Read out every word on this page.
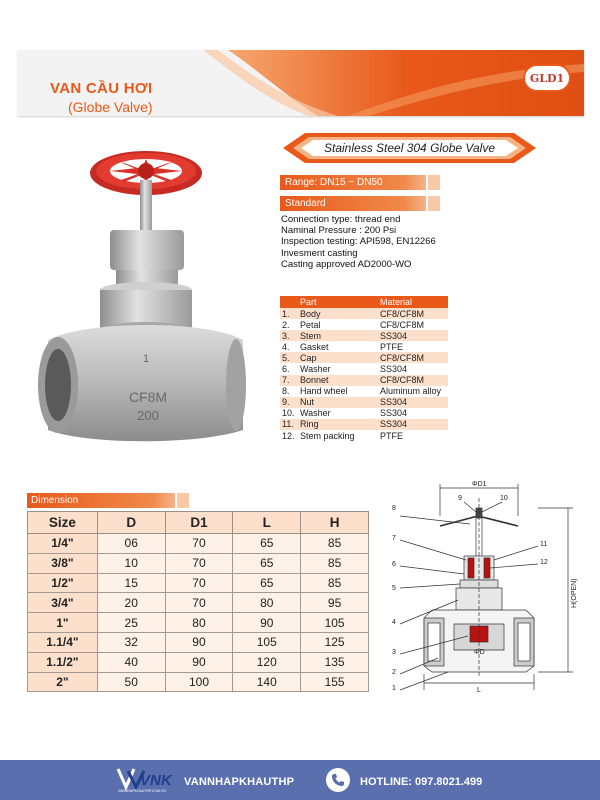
VAN CẦU HƠI
(Globe Valve)
GLD1
Stainless Steel 304 Globe Valve
1
CF8M
200
Range: DN15 ~ DN50
Standard
Connection type: thread end
Naminal Pressure : 200 Psi
Inspection testing: API598, EN12266
Invesment casting
Casting approved AD2000-WO
Part		Material
1.	Body	CF8/CF8M
2.	Petal	CF8/CF8M
3.	Stem	SS304
4.	Gasket	PTFE
5.	Cap	CF8/CF8M
6.	Washer	SS304
7.	Bonnet	CF8/CF8M
8.	Hand wheel	Aluminum alloy
9.	Nut	SS304
10.	Washer	SS304
11.	Ring	SS304
12.	Stem packing	PTFE
Dimension
Size	D	D1	L	H
1/4"	06	70	65	85
3/8"	10	70	65	85
1/2"	15	70	65	85
3/4"	20	70	80	95
1"	25	80	90	105
1.1/4"	32	90	105	125
1.1/2"	40	90	120	135
2"	50	100	140	155
ΦD1
ΦD
L
H(OPEN)
1
2
3
4
5
6
7
8
9	10
11
12
VNK
VANNHAPKHAUTHP.COM.VN
VANNHAPKHAUTHP	HOTLINE: 097.8021.499
